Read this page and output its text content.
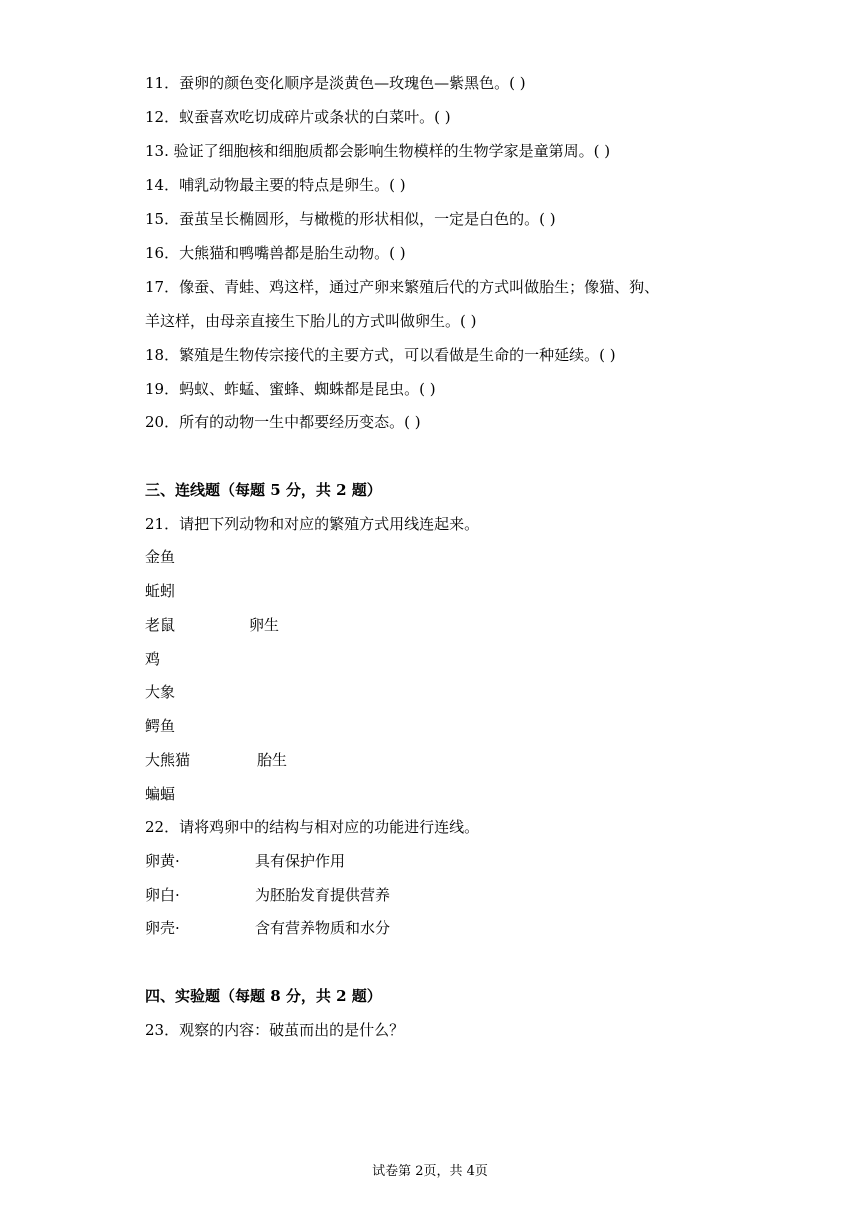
11．蚕卵的颜色变化顺序是淡黄色—玫瑰色—紫黑色。( )
12．蚁蚕喜欢吃切成碎片或条状的白菜叶。( )
13. 验证了细胞核和细胞质都会影响生物模样的生物学家是童第周。( )
14．哺乳动物最主要的特点是卵生。( )
15．蚕茧呈长椭圆形，与橄榄的形状相似，一定是白色的。( )
16．大熊猫和鸭嘴兽都是胎生动物。( )
17．像蚕、青蛙、鸡这样，通过产卵来繁殖后代的方式叫做胎生；像猫、狗、
羊这样，由母亲直接生下胎儿的方式叫做卵生。( )
18．繁殖是生物传宗接代的主要方式，可以看做是生命的一种延续。( )
19．蚂蚁、蚱蜢、蜜蜂、蜘蛛都是昆虫。( )
20．所有的动物一生中都要经历变态。( )
三、连线题（每题 5 分，共 2 题）
21．请把下列动物和对应的繁殖方式用线连起来。
金鱼
蚯蚓
老鼠
鸡
大象
鳄鱼
大熊猫
蝙蝠
卵生
胎生
22．请将鸡卵中的结构与相对应的功能进行连线。
卵黄·
卵白·
卵壳·
具有保护作用
为胚胎发育提供营养
含有营养物质和水分
四、实验题（每题 8 分，共 2 题）
23．观察的内容：破茧而出的是什么？
试卷第 2页，共 4页
